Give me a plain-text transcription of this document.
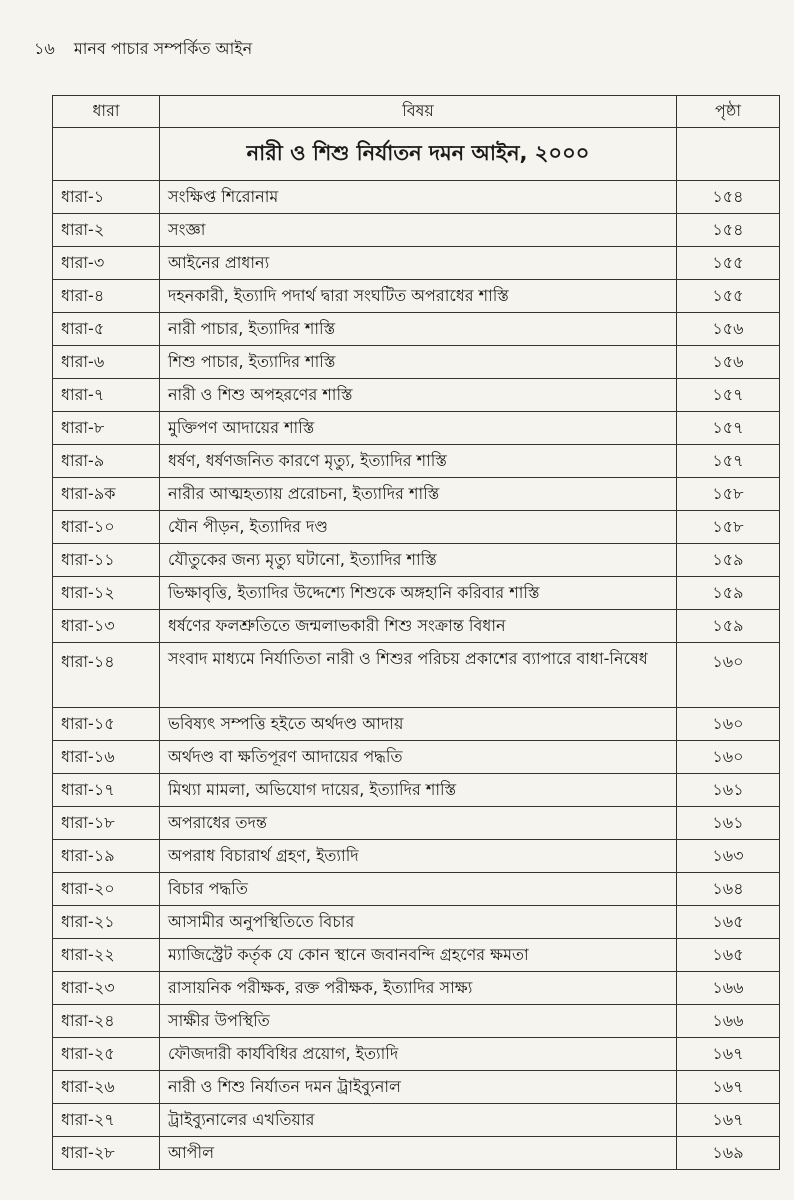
১৬ মানব পাচার সম্পর্কিত আইন
ধারা	বিষয়	পৃষ্ঠা
	নারী ও শিশু নির্যাতন দমন আইন, ২০০০	
ধারা-১	সংক্ষিপ্ত শিরোনাম	১৫৪
ধারা-২	সংজ্ঞা	১৫৪
ধারা-৩	আইনের প্রাধান্য	১৫৫
ধারা-৪	দহনকারী, ইত্যাদি পদার্থ দ্বারা সংঘটিত অপরাধের শাস্তি	১৫৫
ধারা-৫	নারী পাচার, ইত্যাদির শাস্তি	১৫৬
ধারা-৬	শিশু পাচার, ইত্যাদির শাস্তি	১৫৬
ধারা-৭	নারী ও শিশু অপহরণের শাস্তি	১৫৭
ধারা-৮	মুক্তিপণ আদায়ের শাস্তি	১৫৭
ধারা-৯	ধর্ষণ, ধর্ষণজনিত কারণে মৃত্যু, ইত্যাদির শাস্তি	১৫৭
ধারা-৯ক	নারীর আত্মহত্যায় প্ররোচনা, ইত্যাদির শাস্তি	১৫৮
ধারা-১০	যৌন পীড়ন, ইত্যাদির দণ্ড	১৫৮
ধারা-১১	যৌতুকের জন্য মৃত্যু ঘটানো, ইত্যাদির শাস্তি	১৫৯
ধারা-১২	ভিক্ষাবৃত্তি, ইত্যাদির উদ্দেশ্যে শিশুকে অঙ্গহানি করিবার শাস্তি	১৫৯
ধারা-১৩	ধর্ষণের ফলশ্রুতিতে জন্মলাভকারী শিশু সংক্রান্ত বিধান	১৫৯
ধারা-১৪	সংবাদ মাধ্যমে নির্যাতিতা নারী ও শিশুর পরিচয় প্রকাশের ব্যাপারে বাধা-নিষেধ	১৬০
ধারা-১৫	ভবিষ্যৎ সম্পত্তি হইতে অর্থদণ্ড আদায়	১৬০
ধারা-১৬	অর্থদণ্ড বা ক্ষতিপূরণ আদায়ের পদ্ধতি	১৬০
ধারা-১৭	মিথ্যা মামলা, অভিযোগ দায়ের, ইত্যাদির শাস্তি	১৬১
ধারা-১৮	অপরাধের তদন্ত	১৬১
ধারা-১৯	অপরাধ বিচারার্থ গ্রহণ, ইত্যাদি	১৬৩
ধারা-২০	বিচার পদ্ধতি	১৬৪
ধারা-২১	আসামীর অনুপস্থিতিতে বিচার	১৬৫
ধারা-২২	ম্যাজিস্ট্রেট কর্তৃক যে কোন স্থানে জবানবন্দি গ্রহণের ক্ষমতা	১৬৫
ধারা-২৩	রাসায়নিক পরীক্ষক, রক্ত পরীক্ষক, ইত্যাদির সাক্ষ্য	১৬৬
ধারা-২৪	সাক্ষীর উপস্থিতি	১৬৬
ধারা-২৫	ফৌজদারী কার্যবিধির প্রয়োগ, ইত্যাদি	১৬৭
ধারা-২৬	নারী ও শিশু নির্যাতন দমন ট্রাইব্যুনাল	১৬৭
ধারা-২৭	ট্রাইব্যুনালের এখতিয়ার	১৬৭
ধারা-২৮	আপীল	১৬৯
